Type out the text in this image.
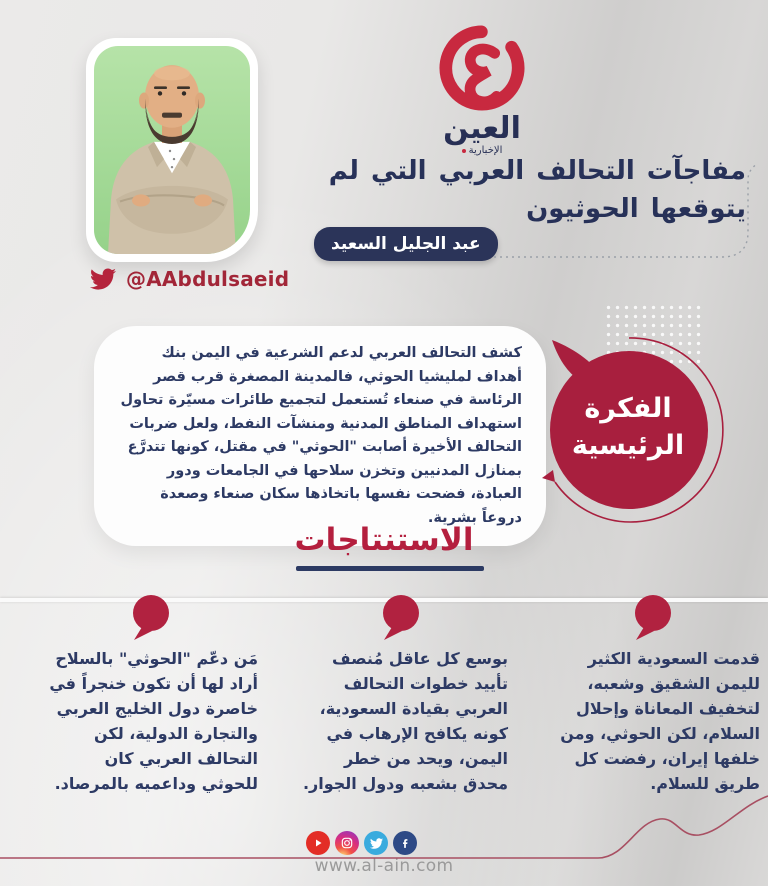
@AAbdulsaeid
العين
الإخبارية
مفاجآت التحالف العربي التي لم
يتوقعها الحوثيون
عبد الجليل السعيد
كشف التحالف العربي لدعم الشرعية في اليمن بنك أهداف لمليشيا الحوثي، فالمدينة المصغرة قرب قصر الرئاسة في صنعاء تُستعمل لتجميع طائرات مسيّرة تحاول استهداف المناطق المدنية ومنشآت النفط، ولعل ضربات التحالف الأخيرة أصابت "الحوثي" في مقتل، كونها تتدرَّع بمنازل المدنيين وتخزن سلاحها في الجامعات ودور العبادة، فضحت نفسها باتخاذها سكان صنعاء وصعدة دروعاً بشرية.
الفكرة
الرئيسية
الاستنتاجات
قدمت السعودية الكثير لليمن الشقيق وشعبه، لتخفيف المعاناة وإحلال السلام، لكن الحوثي، ومن خلفها إيران، رفضت كل طريق للسلام.
بوسع كل عاقل مُنصف تأييد خطوات التحالف العربي بقيادة السعودية، كونه يكافح الإرهاب في اليمن، ويحد من خطر محدق بشعبه ودول الجوار.
مَن دعّم "الحوثي" بالسلاح أراد لها أن تكون خنجراً في خاصرة دول الخليج العربي والتجارة الدولية، لكن التحالف العربي كان للحوثي وداعميه بالمرصاد.
www.al-ain.com
